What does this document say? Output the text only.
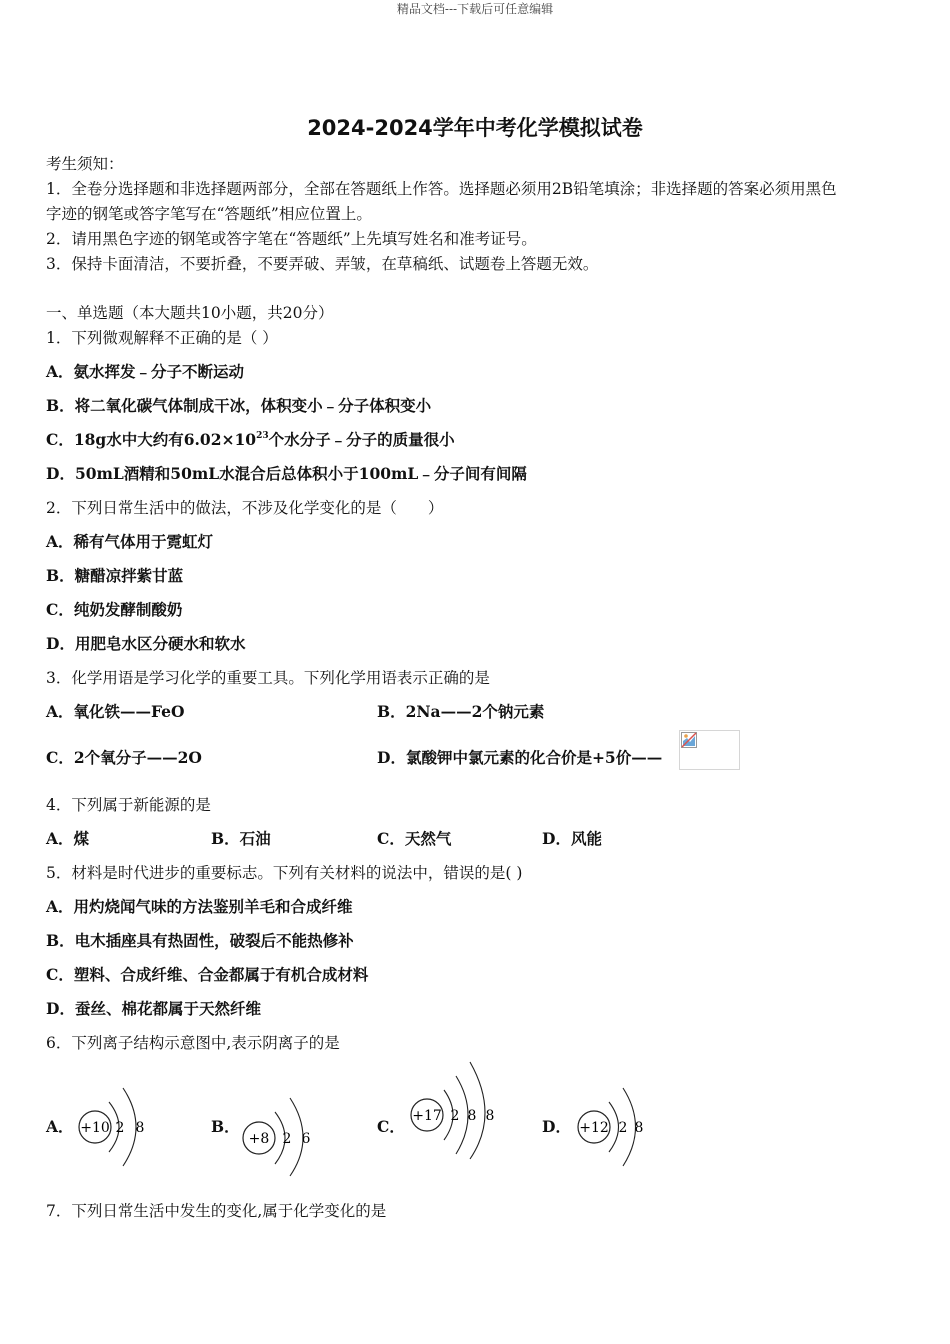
精品文档---下载后可任意编辑
2024-2024学年中考化学模拟试卷
考生须知：
1．全卷分选择题和非选择题两部分，全部在答题纸上作答。选择题必须用2B铅笔填涂；非选择题的答案必须用黑色
字迹的钢笔或答字笔写在“答题纸”相应位置上。
2．请用黑色字迹的钢笔或答字笔在“答题纸”上先填写姓名和准考证号。
3．保持卡面清洁，不要折叠，不要弄破、弄皱，在草稿纸、试题卷上答题无效。
一、单选题（本大题共10小题，共20分）
1．下列微观解释不正确的是（ ）
A．氨水挥发﹣分子不断运动
B．将二氧化碳气体制成干冰，体积变小﹣分子体积变小
C．18g水中大约有$6.02\times 10^{23}$个水分子﹣分子的质量很小
D．50mL酒精和50mL水混合后总体积小于100mL﹣分子间有间隔
2．下列日常生活中的做法，不涉及化学变化的是（　　）
A．稀有气体用于霓虹灯
B．糖醋凉拌紫甘蓝
C．纯奶发酵制酸奶
D．用肥皂水区分硬水和软水
3．化学用语是学习化学的重要工具。下列化学用语表示正确的是
A．氧化铁——FeO	B．2Na——2个钠元素
C．2个氧分子——2O	D．氯酸钾中氯元素的化合价是+5价——
4．下列属于新能源的是
A．煤	B．石油	C．天然气	D．风能
5．材料是时代进步的重要标志。下列有关材料的说法中，错误的是( )
A．用灼烧闻气味的方法鉴别羊毛和合成纤维
B．电木插座具有热固性，破裂后不能热修补
C．塑料、合成纤维、合金都属于有机合成材料
D．蚕丝、棉花都属于天然纤维
6．下列离子结构示意图中,表示阴离子的是
A． +10 2 8	B．
+8 2 6
C．
+17 2 8 8
D． +12 2 8
7．下列日常生活中发生的变化,属于化学变化的是
